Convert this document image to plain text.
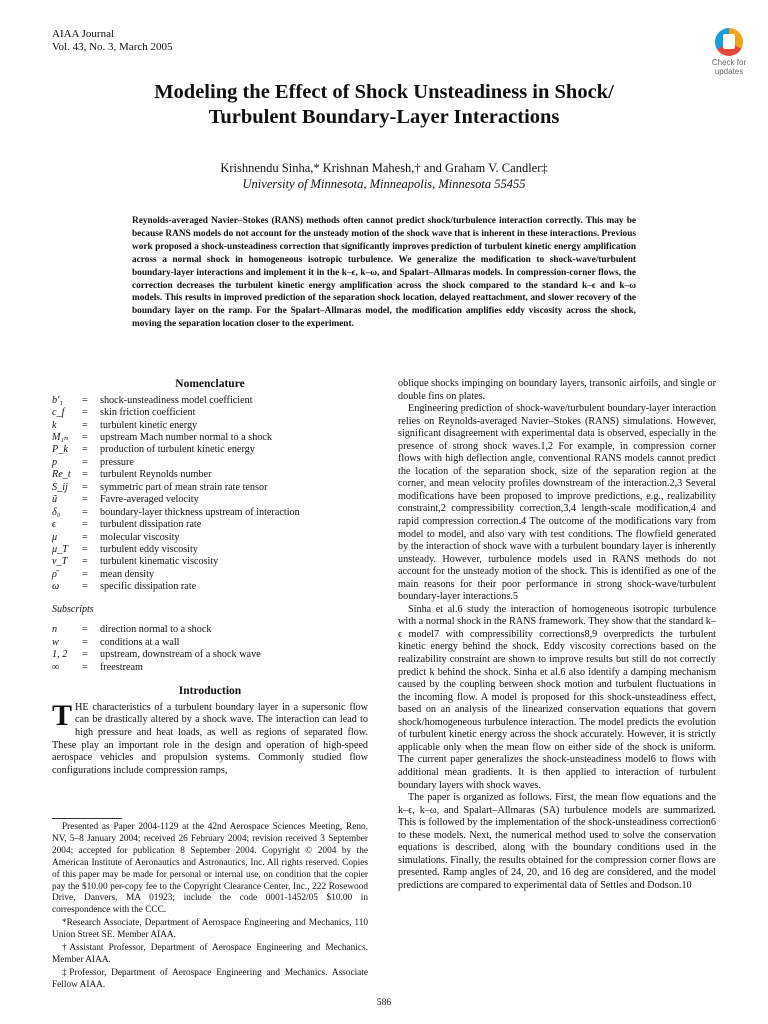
AIAA Journal
Vol. 43, No. 3, March 2005
Check for
updates
Modeling the Effect of Shock Unsteadiness in Shock/
Turbulent Boundary-Layer Interactions
Krishnendu Sinha,* Krishnan Mahesh,† and Graham V. Candler‡
University of Minnesota, Minneapolis, Minnesota 55455
Reynolds-averaged Navier–Stokes (RANS) methods often cannot predict shock/turbulence interaction correctly. This may be because RANS models do not account for the unsteady motion of the shock wave that is inherent in these interactions. Previous work proposed a shock-unsteadiness correction that significantly improves prediction of turbulent kinetic energy amplification across a normal shock in homogeneous isotropic turbulence. We generalize the modification to shock-wave/turbulent boundary-layer interactions and implement it in the k–ϵ, k–ω, and Spalart–Allmaras models. In compression-corner flows, the correction decreases the turbulent kinetic energy amplification across the shock compared to the standard k–ϵ and k–ω models. This results in improved prediction of the separation shock location, delayed reattachment, and slower recovery of the boundary layer on the ramp. For the Spalart–Allmaras model, the modification amplifies eddy viscosity across the shock, moving the separation location closer to the experiment.
Nomenclature
b′₁	=	shock-unsteadiness model coefficient
c_f	=	skin friction coefficient
k	=	turbulent kinetic energy
M₁ₙ	=	upstream Mach number normal to a shock
P_k	=	production of turbulent kinetic energy
p	=	pressure
Re_t	=	turbulent Reynolds number
S_ij	=	symmetric part of mean strain rate tensor
ũ	=	Favre-averaged velocity
δ₀	=	boundary-layer thickness upstream of interaction
ϵ	=	turbulent dissipation rate
μ	=	molecular viscosity
μ_T	=	turbulent eddy viscosity
ν_T	=	turbulent kinematic viscosity
ρ̄	=	mean density
ω	=	specific dissipation rate
Subscripts
n	=	direction normal to a shock
w	=	conditions at a wall
1, 2	=	upstream, downstream of a shock wave
∞	=	freestream
Introduction

THE characteristics of a turbulent boundary layer in a supersonic flow can be drastically altered by a shock wave. The interaction can lead to high pressure and heat loads, as well as regions of separated flow. These play an important role in the design and operation of high-speed aerospace vehicles and propulsion systems. Commonly studied flow configurations include compression ramps,

Presented as Paper 2004-1129 at the 42nd Aerospace Sciences Meeting, Reno, NV, 5–8 January 2004; received 26 February 2004; revision received 3 September 2004; accepted for publication 8 September 2004. Copyright © 2004 by the American Institute of Aeronautics and Astronautics, Inc. All rights reserved. Copies of this paper may be made for personal or internal use, on condition that the copier pay the $10.00 per-copy fee to the Copyright Clearance Center, Inc., 222 Rosewood Drive, Danvers, MA 01923; include the code 0001-1452/05 $10.00 in correspondence with the CCC.

*Research Associate, Department of Aerospace Engineering and Mechanics, 110 Union Street SE. Member AIAA.

†Assistant Professor, Department of Aerospace Engineering and Mechanics. Member AIAA.

‡Professor, Department of Aerospace Engineering and Mechanics. Associate Fellow AIAA.

oblique shocks impinging on boundary layers, transonic airfoils, and single or double fins on plates.

Engineering prediction of shock-wave/turbulent boundary-layer interaction relies on Reynolds-averaged Navier–Stokes (RANS) simulations. However, significant disagreement with experimental data is observed, especially in the presence of strong shock waves.1,2 For example, in compression corner flows with high deflection angle, conventional RANS models cannot predict the location of the separation shock, size of the separation region at the corner, and mean velocity profiles downstream of the interaction.2,3 Several modifications have been proposed to improve predictions, e.g., realizability constraint,2 compressibility correction,3,4 length-scale modification,4 and rapid compression correction.4 The outcome of the modifications vary from model to model, and also vary with test conditions. The flowfield generated by the interaction of shock wave with a turbulent boundary layer is inherently unsteady. However, turbulence models used in RANS methods do not account for the unsteady motion of the shock. This is identified as one of the main reasons for their poor performance in strong shock-wave/turbulent boundary-layer interactions.5

Sinha et al.6 study the interaction of homogeneous isotropic turbulence with a normal shock in the RANS framework. They show that the standard k–ϵ model7 with compressibility corrections8,9 overpredicts the turbulent kinetic energy behind the shock. Eddy viscosity corrections based on the realizability constraint are shown to improve results but still do not correctly predict k behind the shock. Sinha et al.6 also identify a damping mechanism caused by the coupling between shock motion and turbulent fluctuations in the incoming flow. A model is proposed for this shock-unsteadiness effect, based on an analysis of the linearized conservation equations that govern shock/homogeneous turbulence interaction. The model predicts the evolution of turbulent kinetic energy across the shock accurately. However, it is strictly applicable only when the mean flow on either side of the shock is uniform. The current paper generalizes the shock-unsteadiness model6 to flows with additional mean gradients. It is then applied to interaction of turbulent boundary layers with shock waves.

The paper is organized as follows. First, the mean flow equations and the k–ϵ, k–ω, and Spalart–Allmaras (SA) turbulence models are summarized. This is followed by the implementation of the shock-unsteadiness correction6 to these models. Next, the numerical method used to solve the conservation equations is described, along with the boundary conditions used in the simulations. Finally, the results obtained for the compression corner flows are presented. Ramp angles of 24, 20, and 16 deg are considered, and the model predictions are compared to experimental data of Settles and Dodson.10

586
